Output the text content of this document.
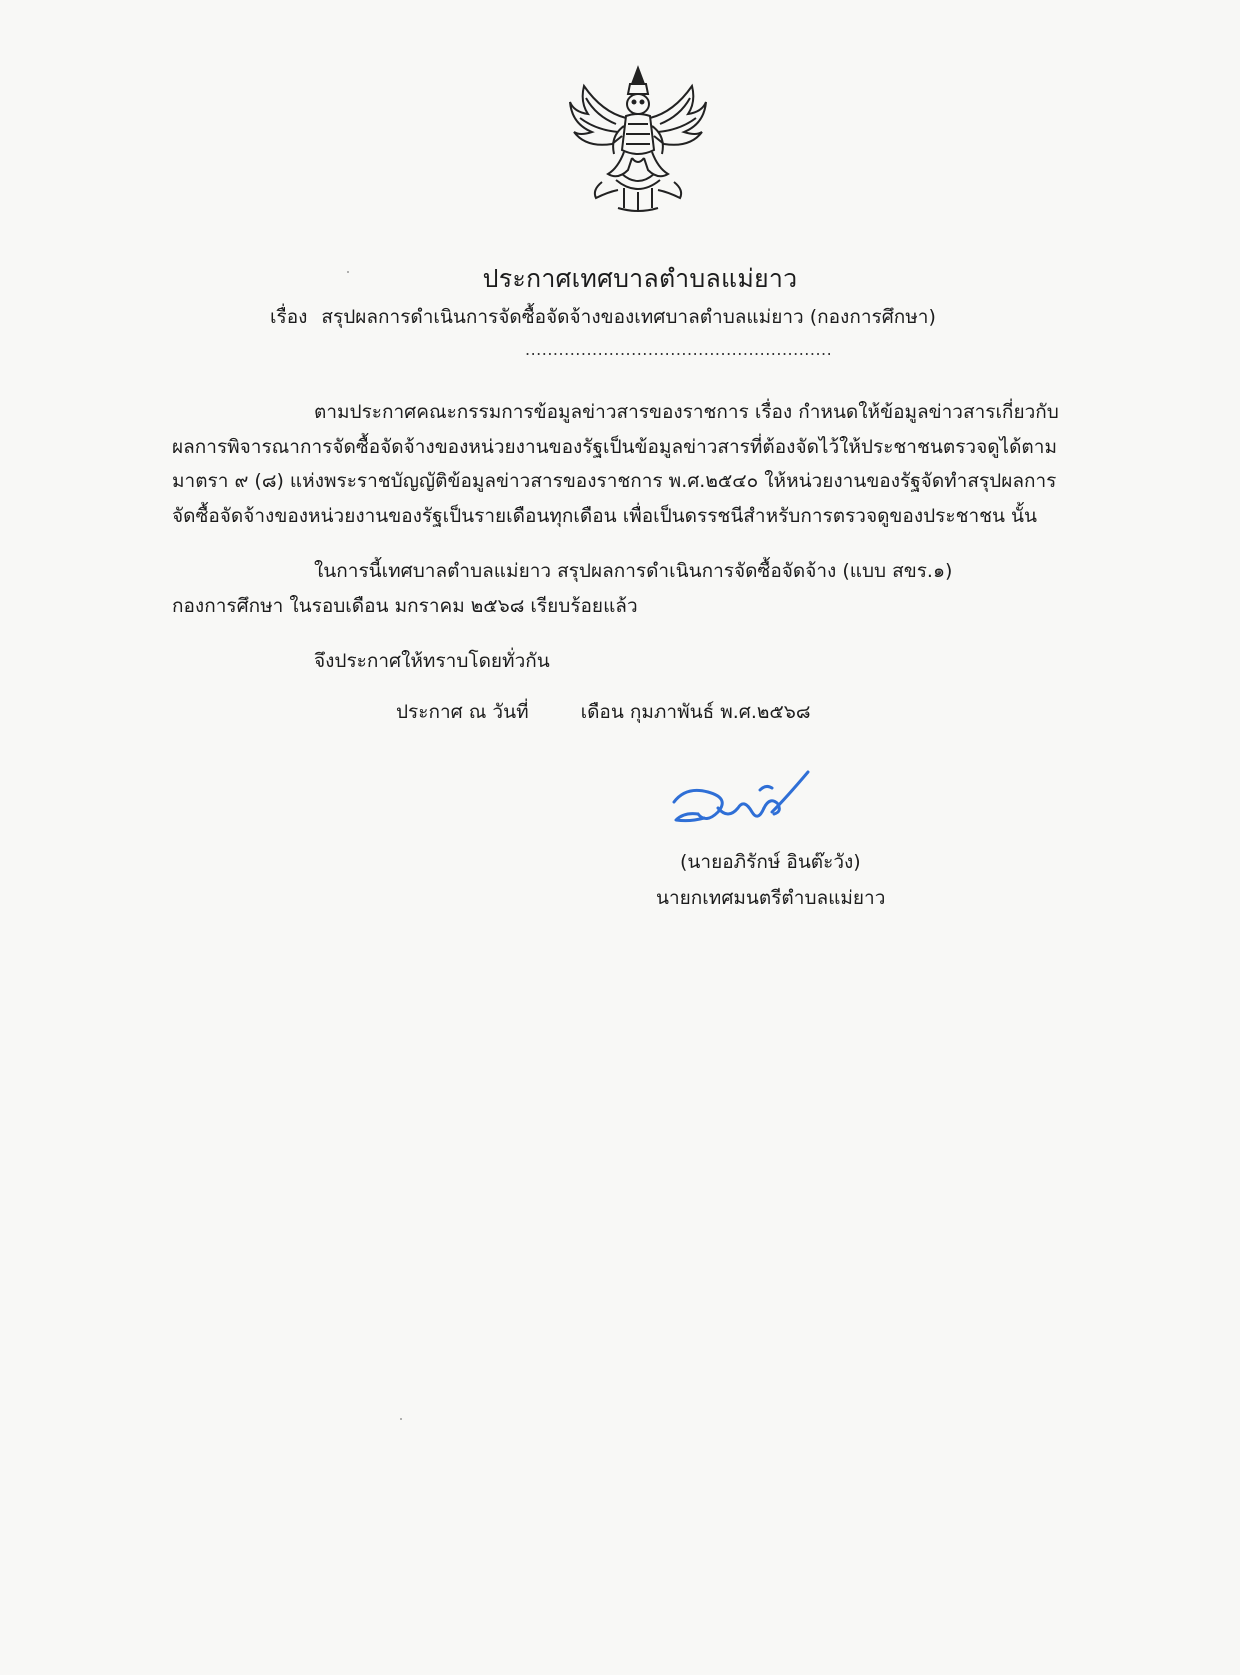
ประกาศเทศบาลตำบลแม่ยาว
เรื่อง สรุปผลการดำเนินการจัดซื้อจัดจ้างของเทศบาลตำบลแม่ยาว (กองการศึกษา)
.......................................................
ตามประกาศคณะกรรมการข้อมูลข่าวสารของราชการ เรื่อง กำหนดให้ข้อมูลข่าวสารเกี่ยวกับ
ผลการพิจารณาการจัดซื้อจัดจ้างของหน่วยงานของรัฐเป็นข้อมูลข่าวสารที่ต้องจัดไว้ให้ประชาชนตรวจดูได้ตาม
มาตรา ๙ (๘) แห่งพระราชบัญญัติข้อมูลข่าวสารของราชการ พ.ศ.๒๕๔๐ ให้หน่วยงานของรัฐจัดทำสรุปผลการ
จัดซื้อจัดจ้างของหน่วยงานของรัฐเป็นรายเดือนทุกเดือน เพื่อเป็นดรรชนีสำหรับการตรวจดูของประชาชน นั้น
ในการนี้เทศบาลตำบลแม่ยาว สรุปผลการดำเนินการจัดซื้อจัดจ้าง (แบบ สขร.๑)
กองการศึกษา ในรอบเดือน มกราคม ๒๕๖๘ เรียบร้อยแล้ว
จึงประกาศให้ทราบโดยทั่วกัน
ประกาศ ณ วันที่	เดือน กุมภาพันธ์ พ.ศ.๒๕๖๘
(นายอภิรักษ์ อินต๊ะวัง)
นายกเทศมนตรีตำบลแม่ยาว
